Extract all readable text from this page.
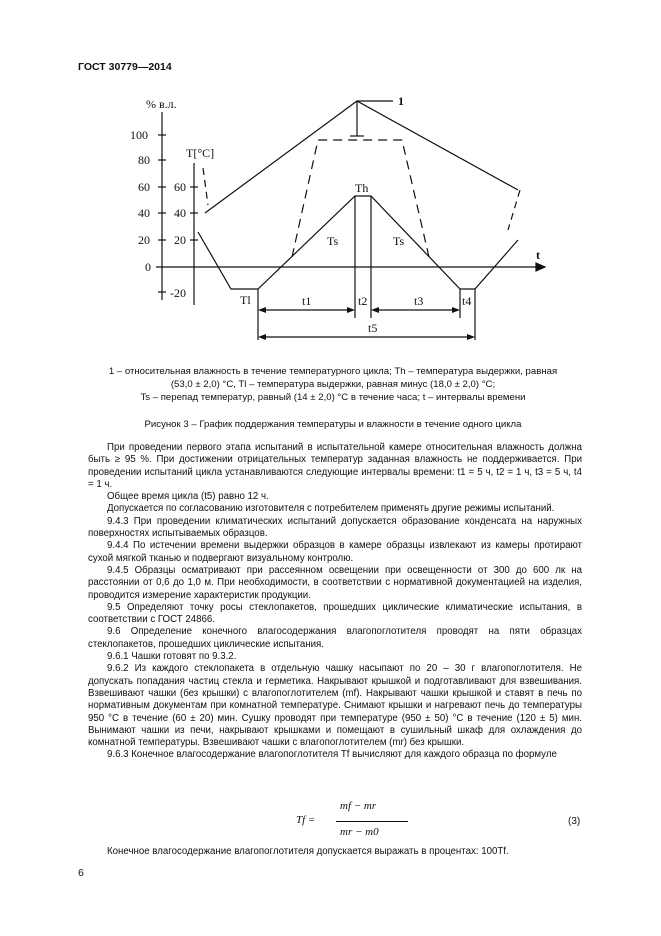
ГОСТ 30779—2014
% в.л.
100
80
60
40
20
0
-20
T[°C]
60
40
20
t
1
Th
Ts	Ts
Tl	t1	t2	t3	t4
t5
1 – относительная влажность в течение температурного цикла; Th – температура выдержки, равная
(53,0 ± 2,0) °C, Tl – температура выдержки, равная минус (18,0 ± 2,0) °C;
Ts – перепад температур, равный (14 ± 2,0) °C в течение часа; t – интервалы времени
Рисунок 3 – График поддержания температуры и влажности в течение одного цикла

При проведении первого этапа испытаний в испытательной камере относительная влажность должна быть ≥ 95 %. При достижении отрицательных температур заданная влажность не поддерживается. При проведении испытаний цикла устанавливаются следующие интервалы времени: t1 = 5 ч, t2 = 1 ч, t3 = 5 ч, t4 = 1 ч.

Общее время цикла (t5) равно 12 ч.

Допускается по согласованию изготовителя с потребителем применять другие режимы испытаний.

9.4.3 При проведении климатических испытаний допускается образование конденсата на наружных поверхностях испытываемых образцов.

9.4.4 По истечении времени выдержки образцов в камере образцы извлекают из камеры протирают сухой мягкой тканью и подвергают визуальному контролю.

9.4.5 Образцы осматривают при рассеянном освещении при освещенности от 300 до 600 лк на расстоянии от 0,6 до 1,0 м. При необходимости, в соответствии с нормативной документацией на изделия, проводится измерение характеристик продукции.

9.5 Определяют точку росы стеклопакетов, прошедших циклические климатические испытания, в соответствии с ГОСТ 24866.

9.6 Определение конечного влагосодержания влагопоглотителя проводят на пяти образцах стеклопакетов, прошедших циклические испытания.

9.6.1 Чашки готовят по 9.3.2.

9.6.2 Из каждого стеклопакета в отдельную чашку насыпают по 20 – 30 г влагопоглотителя. Не допускать попадания частиц стекла и герметика. Накрывают крышкой и подготавливают для взвешивания. Взвешивают чашки (без крышки) с влагопоглотителем (mf). Накрывают чашки крышкой и ставят в печь по нормативным документам при комнатной температуре. Снимают крышки и нагревают печь до температуры 950 °C в течение (60 ± 20) мин. Сушку проводят при температуре (950 ± 50) °C в течение (120 ± 5) мин. Вынимают чашки из печи, накрывают крышками и помещают в сушильный шкаф для охлаждения до комнатной температуры. Взвешивают чашки с влагопоглотителем (mr) без крышки.

9.6.3 Конечное влагосодержание влагопоглотителя Tf вычисляют для каждого образца по формуле

Tf =
mf − mr
mr − m0
(3)
Конечное влагосодержание влагопоглотителя допускается выражать в процентах: 100Tf.
6
